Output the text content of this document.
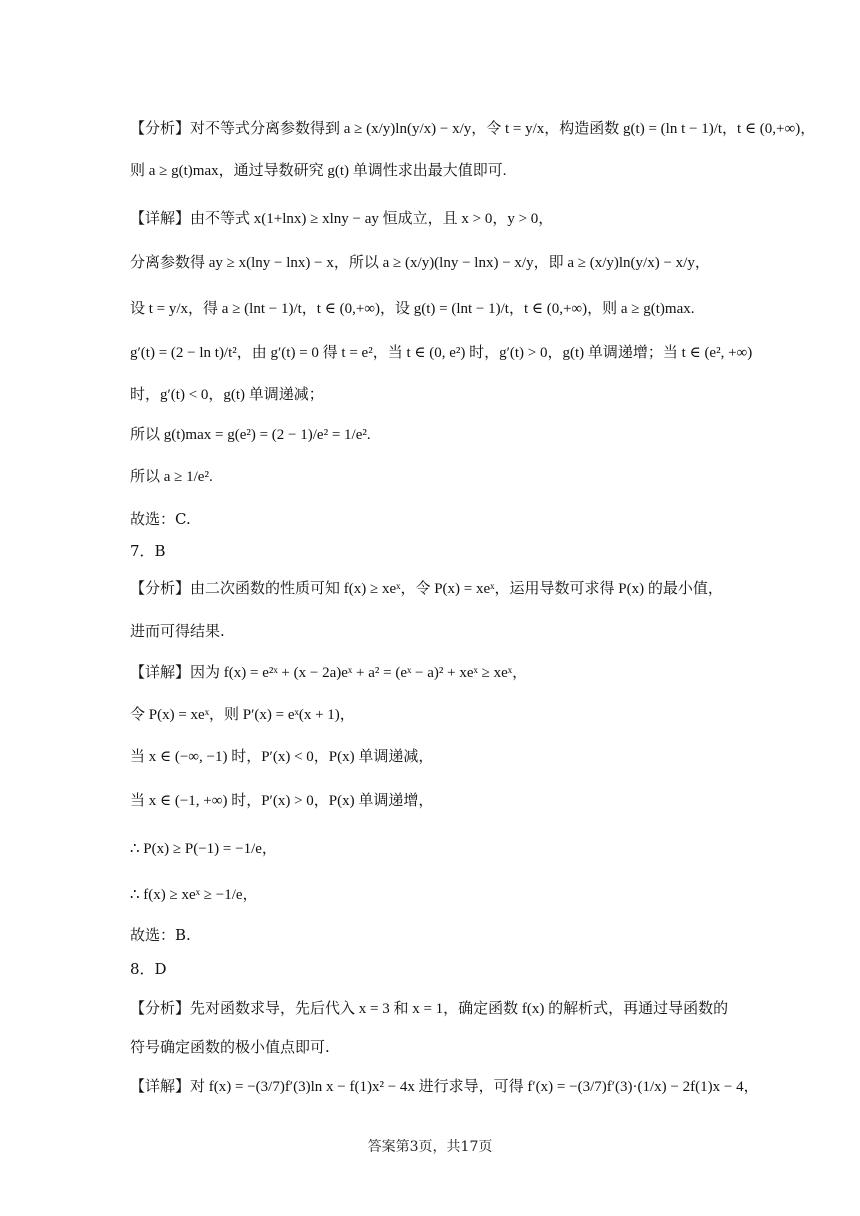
【分析】对不等式分离参数得到 a ≥ (x/y)ln(y/x) − x/y，令 t = y/x，构造函数 g(t) = (ln t − 1)/t，t ∈ (0,+∞)，
则 a ≥ g(t)max，通过导数研究 g(t) 单调性求出最大值即可.
【详解】由不等式 x(1+lnx) ≥ xlny − ay 恒成立，且 x > 0，y > 0，
分离参数得 ay ≥ x(lny − lnx) − x，所以 a ≥ (x/y)(lny − lnx) − x/y，即 a ≥ (x/y)ln(y/x) − x/y，
设 t = y/x，得 a ≥ (lnt − 1)/t，t ∈ (0,+∞)，设 g(t) = (lnt − 1)/t，t ∈ (0,+∞)，则 a ≥ g(t)max.
g′(t) = (2 − ln t)/t²，由 g′(t) = 0 得 t = e²，当 t ∈ (0, e²) 时，g′(t) > 0，g(t) 单调递增；当 t ∈ (e², +∞)
时，g′(t) < 0，g(t) 单调递减；
所以 g(t)max = g(e²) = (2 − 1)/e² = 1/e².
所以 a ≥ 1/e².
故选：C.
7．B
【分析】由二次函数的性质可知 f(x) ≥ xeˣ，令 P(x) = xeˣ，运用导数可求得 P(x) 的最小值，
进而可得结果.
【详解】因为 f(x) = e²ˣ + (x − 2a)eˣ + a² = (eˣ − a)² + xeˣ ≥ xeˣ，
令 P(x) = xeˣ，则 P′(x) = eˣ(x + 1)，
当 x ∈ (−∞, −1) 时，P′(x) < 0，P(x) 单调递减，
当 x ∈ (−1, +∞) 时，P′(x) > 0，P(x) 单调递增，
∴ P(x) ≥ P(−1) = −1/e，
∴ f(x) ≥ xeˣ ≥ −1/e，
故选：B.
8．D
【分析】先对函数求导，先后代入 x = 3 和 x = 1，确定函数 f(x) 的解析式，再通过导函数的
符号确定函数的极小值点即可.
【详解】对 f(x) = −(3/7)f′(3)ln x − f(1)x² − 4x 进行求导，可得 f′(x) = −(3/7)f′(3)·(1/x) − 2f(1)x − 4，
答案第3页，共17页
